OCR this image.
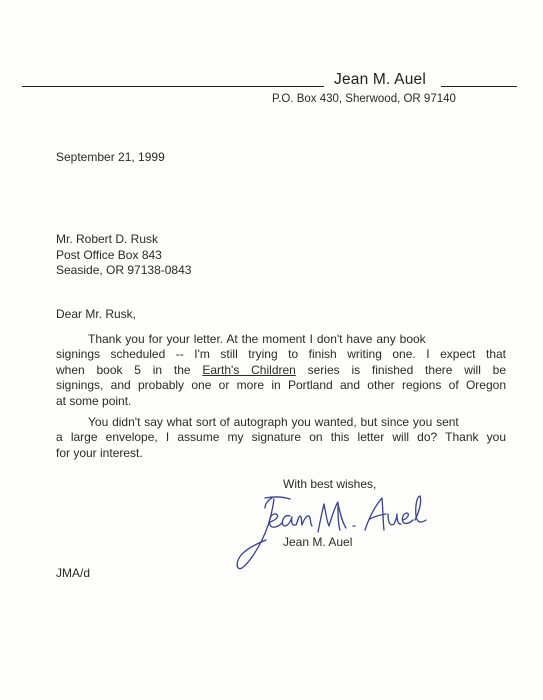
Jean M. Auel
P.O. Box 430, Sherwood, OR 97140
September 21, 1999
Mr. Robert D. Rusk
Post Office Box 843
Seaside, OR 97138-0843
Dear Mr. Rusk,
Thank you for your letter. At the moment I don't have any book
signings scheduled -- I'm still trying to finish writing one. I expect that
when book 5 in the Earth's Children series is finished there will be
signings, and probably one or more in Portland and other regions of Oregon
at some point.
You didn't say what sort of autograph you wanted, but since you sent
a large envelope, I assume my signature on this letter will do? Thank you
for your interest.
With best wishes,
Jean M. Auel
JMA/d
